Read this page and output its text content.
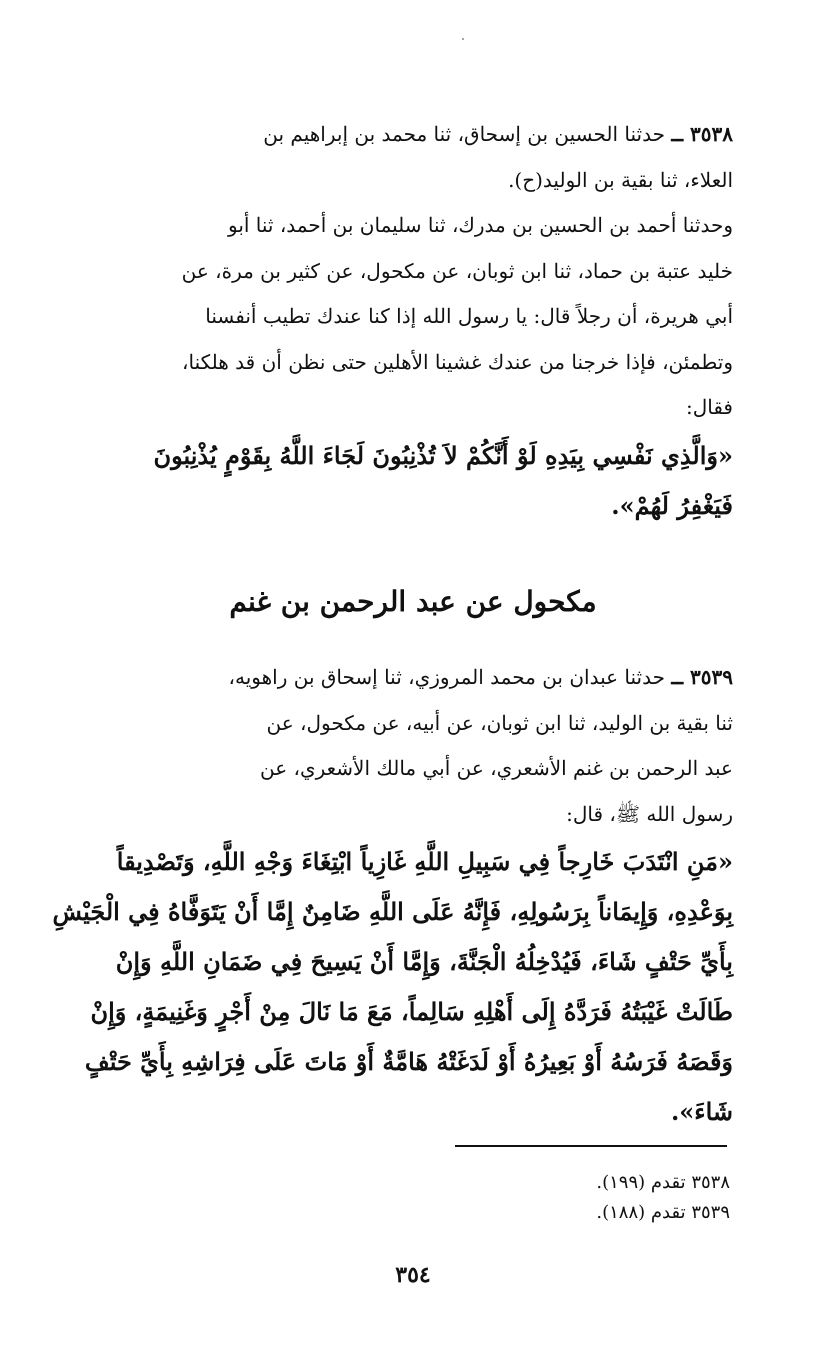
٣٥٣٨ ــ حدثنا الحسين بن إسحاق، ثنا محمد بن إبراهيم بن

العلاء، ثنا بقية بن الوليد(ح).

وحدثنا أحمد بن الحسين بن مدرك، ثنا سليمان بن أحمد، ثنا أبو

خليد عتبة بن حماد، ثنا ابن ثوبان، عن مكحول، عن كثير بن مرة، عن

أبي هريرة، أن رجلاً قال: يا رسول الله إذا كنا عندك تطيب أنفسنا

وتطمئن، فإذا خرجنا من عندك غشينا الأهلين حتى نظن أن قد هلكنا،

فقال:

«وَالَّذِي نَفْسِي بِيَدِهِ لَوْ أَنَّكُمْ لاَ تُذْنِبُونَ لَجَاءَ اللَّهُ بِقَوْمٍ يُذْنِبُونَ

فَيَغْفِرُ لَهُمْ».

مكحول عن عبد الرحمن بن غنم

٣٥٣٩ ــ حدثنا عبدان بن محمد المروزي، ثنا إسحاق بن راهويه،

ثنا بقية بن الوليد، ثنا ابن ثوبان، عن أبيه، عن مكحول، عن

عبد الرحمن بن غنم الأشعري، عن أبي مالك الأشعري، عن

رسول الله ﷺ، قال:

«مَنِ انْتَدَبَ خَارِجاً فِي سَبِيلِ اللَّهِ غَازِياً ابْتِغَاءَ وَجْهِ اللَّهِ، وَتَصْدِيقاً

بِوَعْدِهِ، وَإِيمَاناً بِرَسُولِهِ، فَإِنَّهُ عَلَى اللَّهِ ضَامِنٌ إِمَّا أَنْ يَتَوَفَّاهُ فِي الْجَيْشِ

بِأَيِّ حَتْفٍ شَاءَ، فَيُدْخِلُهُ الْجَنَّةَ، وَإِمَّا أَنْ يَسِيحَ فِي ضَمَانِ اللَّهِ وَإِنْ

طَالَتْ غَيْبَتُهُ فَرَدَّهُ إِلَى أَهْلِهِ سَالِماً، مَعَ مَا نَالَ مِنْ أَجْرٍ وَغَنِيمَةٍ، وَإِنْ

وَقَصَهُ فَرَسُهُ أَوْ بَعِيرُهُ أَوْ لَدَغَتْهُ هَامَّةٌ أَوْ مَاتَ عَلَى فِرَاشِهِ بِأَيِّ حَتْفٍ

شَاءَ».

٣٥٣٨ تقدم (١٩٩).
٣٥٣٩ تقدم (١٨٨).
٣٥٤
